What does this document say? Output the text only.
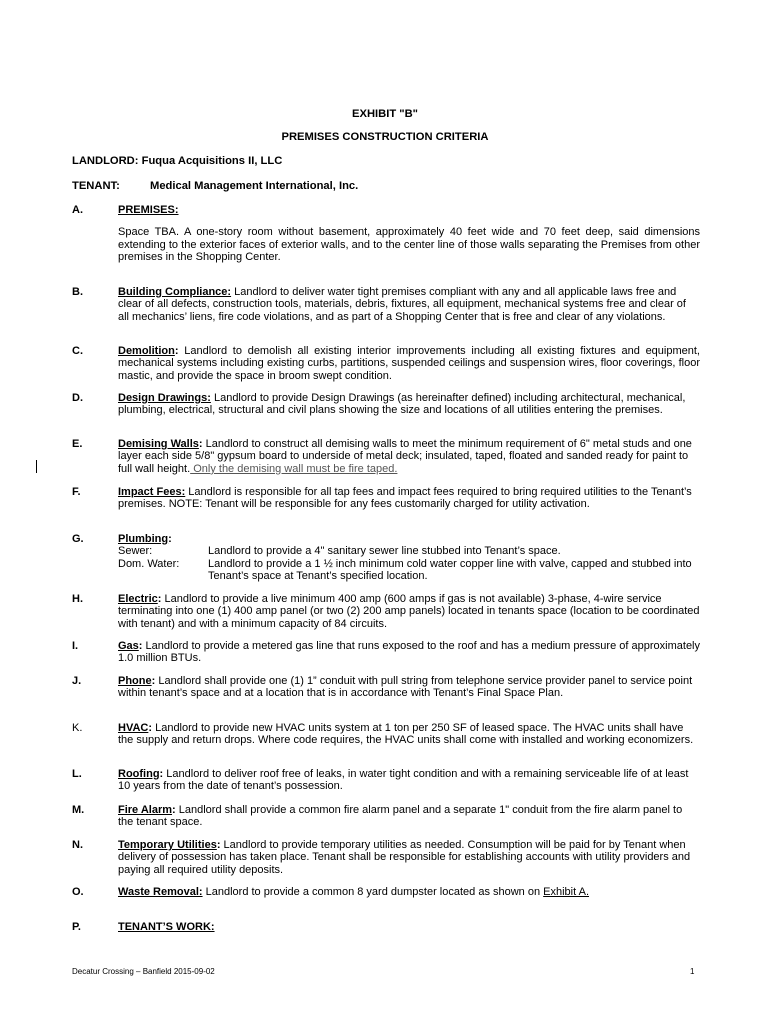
EXHIBIT "B"
PREMISES CONSTRUCTION CRITERIA
LANDLORD: Fuqua Acquisitions II, LLC
TENANT:	Medical Management International, Inc.
A.	PREMISES:
Space TBA. A one-story room without basement, approximately 40 feet wide and 70 feet deep, said dimensions extending to the exterior faces of exterior walls, and to the center line of those walls separating the Premises from other premises in the Shopping Center.
B.	Building Compliance: Landlord to deliver water tight premises compliant with any and all applicable laws free and clear of all defects, construction tools, materials, debris, fixtures, all equipment, mechanical systems free and clear of all mechanics’ liens, fire code violations, and as part of a Shopping Center that is free and clear of any violations.
C.	Demolition: Landlord to demolish all existing interior improvements including all existing fixtures and equipment, mechanical systems including existing curbs, partitions, suspended ceilings and suspension wires, floor coverings, floor mastic, and provide the space in broom swept condition.
D.	Design Drawings: Landlord to provide Design Drawings (as hereinafter defined) including architectural, mechanical, plumbing, electrical, structural and civil plans showing the size and locations of all utilities entering the premises.
E.	Demising Walls: Landlord to construct all demising walls to meet the minimum requirement of 6" metal studs and one layer each side 5/8" gypsum board to underside of metal deck; insulated, taped, floated and sanded ready for paint to full wall height. Only the demising wall must be fire taped.
F.	Impact Fees: Landlord is responsible for all tap fees and impact fees required to bring required utilities to the Tenant’s premises. NOTE: Tenant will be responsible for any fees customarily charged for utility activation.
G.	Plumbing:
Sewer:	Landlord to provide a 4" sanitary sewer line stubbed into Tenant’s space.
Dom. Water:	Landlord to provide a 1 ½ inch minimum cold water copper line with valve, capped and stubbed into Tenant’s space at Tenant’s specified location.
H.	Electric: Landlord to provide a live minimum 400 amp (600 amps if gas is not available) 3-phase, 4-wire service terminating into one (1) 400 amp panel (or two (2) 200 amp panels) located in tenants space (location to be coordinated with tenant) and with a minimum capacity of 84 circuits.
I.	Gas: Landlord to provide a metered gas line that runs exposed to the roof and has a medium pressure of approximately 1.0 million BTUs.
J.	Phone: Landlord shall provide one (1) 1” conduit with pull string from telephone service provider panel to service point within tenant’s space and at a location that is in accordance with Tenant’s Final Space Plan.
K.	HVAC: Landlord to provide new HVAC units system at 1 ton per 250 SF of leased space. The HVAC units shall have the supply and return drops. Where code requires, the HVAC units shall come with installed and working economizers.
L.	Roofing: Landlord to deliver roof free of leaks, in water tight condition and with a remaining serviceable life of at least 10 years from the date of tenant’s possession.
M.	Fire Alarm: Landlord shall provide a common fire alarm panel and a separate 1" conduit from the fire alarm panel to the tenant space.
N.	Temporary Utilities: Landlord to provide temporary utilities as needed. Consumption will be paid for by Tenant when delivery of possession has taken place. Tenant shall be responsible for establishing accounts with utility providers and paying all required utility deposits.
O.	Waste Removal: Landlord to provide a common 8 yard dumpster located as shown on Exhibit A.
P.	TENANT’S WORK:
Decatur Crossing – Banfield 2015-09-02	1
